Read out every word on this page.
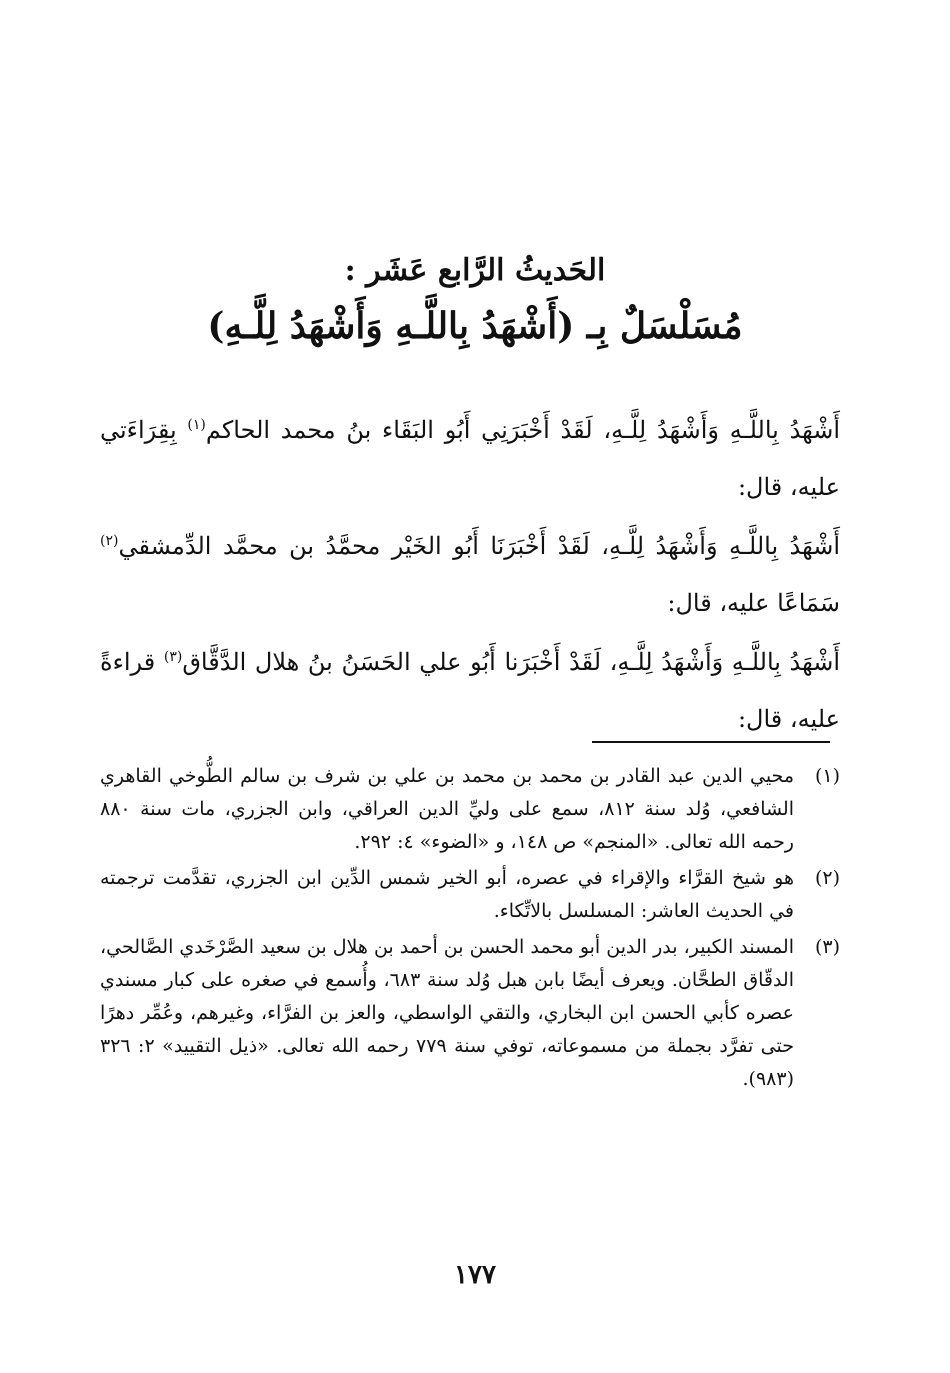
الحَديثُ الرَّابع عَشَر :
مُسَلْسَلٌ بِـ (أَشْهَدُ بِاللَّـهِ وَأَشْهَدُ لِلَّـهِ)

أَشْهَدُ بِاللَّـهِ وَأَشْهَدُ لِلَّـهِ، لَقَدْ أَخْبَرَنِي أَبُو البَقَاء بنُ محمد الحاكم$^{(١)}$ بِقِرَاءَتي عليه، قال:

أَشْهَدُ بِاللَّـهِ وَأَشْهَدُ لِلَّـهِ، لَقَدْ أَخْبَرَنَا أَبُو الخَيْر محمَّدُ بن محمَّد الدِّمشقي$^{(٢)}$ سَمَاعًا عليه، قال:

أَشْهَدُ بِاللَّـهِ وَأَشْهَدُ لِلَّـهِ، لَقَدْ أَخْبَرَنا أَبُو علي الحَسَنُ بنُ هلال الدَّقَّاق$^{(٣)}$ قراءةً عليه، قال:

(١)
محيي الدين عبد القادر بن محمد بن محمد بن علي بن شرف بن سالم الطُّوخي القاهري الشافعي، وُلد سنة ٨١٢، سمع على وليِّ الدين العراقي، وابن الجزري، مات سنة ٨٨٠ رحمه الله تعالى. «المنجم» ص ١٤٨، و «الضوء» ٤: ٢٩٢.
(٢)
هو شيخ القرَّاء والإقراء في عصره، أبو الخير شمس الدِّين ابن الجزري، تقدَّمت ترجمته في الحديث العاشر: المسلسل بالاتِّكاء.
(٣)
المسند الكبير، بدر الدين أبو محمد الحسن بن أحمد بن هلال بن سعيد الصَّرْخَدي الصَّالحي، الدقّاق الطحَّان. ويعرف أيضًا بابن هبل وُلد سنة ٦٨٣، وأُسمع في صغره على كبار مسندي عصره كأبي الحسن ابن البخاري، والتقي الواسطي، والعز بن الفرَّاء، وغيرهم، وعُمِّر دهرًا حتى تفرَّد بجملة من مسموعاته، توفي سنة ٧٧٩ رحمه الله تعالى. «ذيل التقييد» ٢: ٣٢٦ (٩٨٣).
١٧٧
